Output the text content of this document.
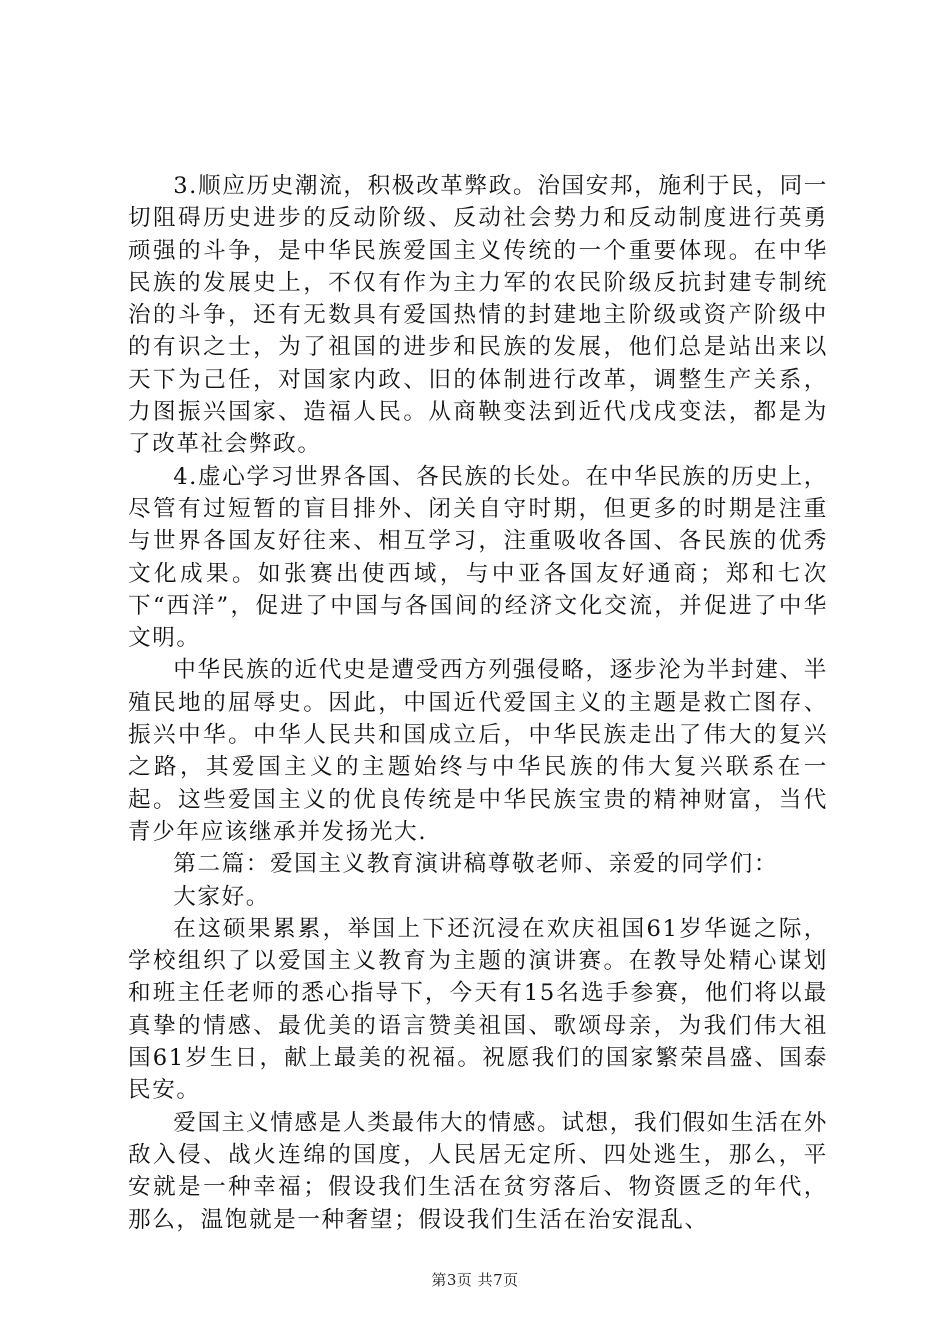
3.顺应历史潮流，积极改革弊政。治国安邦，施利于民，同一切阻碍历史进步的反动阶级、反动社会势力和反动制度进行英勇顽强的斗争，是中华民族爱国主义传统的一个重要体现。在中华民族的发展史上，不仅有作为主力军的农民阶级反抗封建专制统治的斗争，还有无数具有爱国热情的封建地主阶级或资产阶级中的有识之士，为了祖国的进步和民族的发展，他们总是站出来以天下为己任，对国家内政、旧的体制进行改革，调整生产关系，力图振兴国家、造福人民。从商鞅变法到近代戊戌变法，都是为了改革社会弊政。

4.虚心学习世界各国、各民族的长处。在中华民族的历史上，尽管有过短暂的盲目排外、闭关自守时期，但更多的时期是注重与世界各国友好往来、相互学习，注重吸收各国、各民族的优秀文化成果。如张赛出使西域，与中亚各国友好通商；郑和七次下“西洋”，促进了中国与各国间的经济文化交流，并促进了中华文明。

中华民族的近代史是遭受西方列强侵略，逐步沦为半封建、半殖民地的屈辱史。因此，中国近代爱国主义的主题是救亡图存、振兴中华。中华人民共和国成立后，中华民族走出了伟大的复兴之路，其爱国主义的主题始终与中华民族的伟大复兴联系在一起。这些爱国主义的优良传统是中华民族宝贵的精神财富，当代青少年应该继承并发扬光大.

第二篇：爱国主义教育演讲稿尊敬老师、亲爱的同学们：

大家好。

在这硕果累累，举国上下还沉浸在欢庆祖国61岁华诞之际，学校组织了以爱国主义教育为主题的演讲赛。在教导处精心谋划和班主任老师的悉心指导下，今天有15名选手参赛，他们将以最真挚的情感、最优美的语言赞美祖国、歌颂母亲，为我们伟大祖国61岁生日，献上最美的祝福。祝愿我们的国家繁荣昌盛、国泰民安。

爱国主义情感是人类最伟大的情感。试想，我们假如生活在外敌入侵、战火连绵的国度，人民居无定所、四处逃生，那么，平安就是一种幸福；假设我们生活在贫穷落后、物资匮乏的年代，那么，温饱就是一种奢望；假设我们生活在治安混乱、

第3页 共7页
